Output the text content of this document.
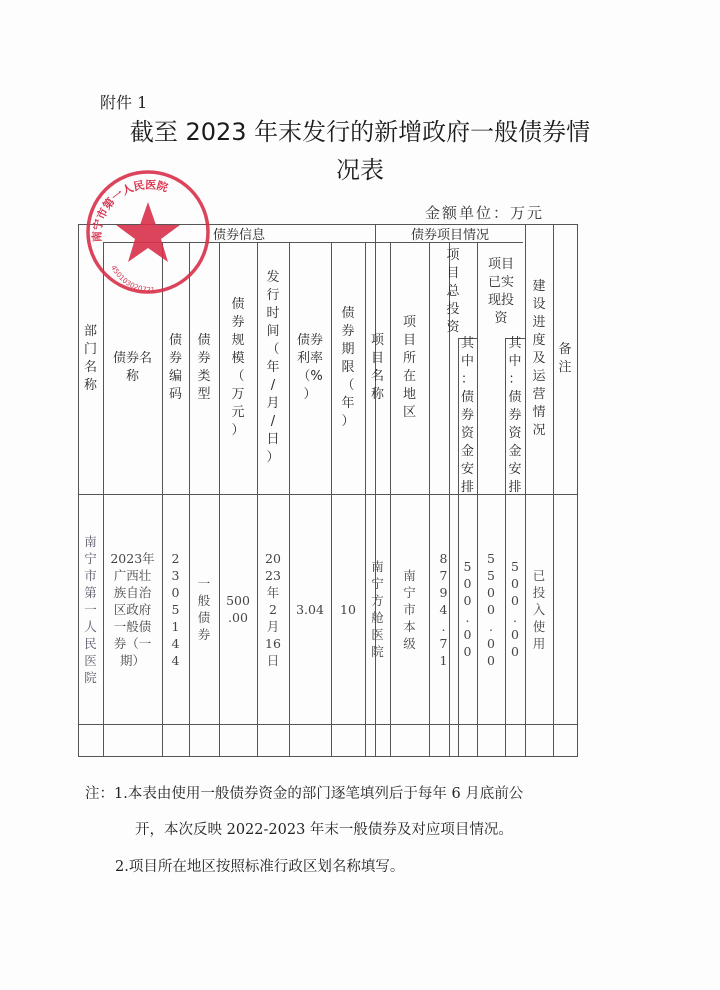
附件 1
截至 2023 年末发行的新增政府一般债券情
况表
金额单位：万元
债券信息	债券项目情况
部
门
名
称
债券名
称
债
券
编
码
债
券
类
型
债
券
规
模
（
万
元
）
发
行
时
间
（
年
/
月
/
日
）
债券
利率
（%
）
债
券
期
限
（
年
）
项
目
名
称
项
目
所
在
地
区
项
目
总
投
资
其
中
：
债
券
资
金
安
排
项目
已实
现投
资
其
中
：
债
券
资
金
安
排
建
设
进
度
及
运
营
情
况
备
注
南
宁
市
第
一
人
民
医
院
2023年
广西壮
族自治
区政府
一般债
券（一
期）
2
3
0
5
1
4
4
一
般
债
券
500
.00
20
23
年
2
月
16
日
3.04 10
南
宁
方
舱
医
院
南
宁
市
本
级
8
7
9
4
.
7
1
5
0
0
.
0
0
5
5
0
0
.
0
0
5
0
0
.
0
0
已
投
入
使
用
南宁市第一人民医院
450103020721
注：1.本表由使用一般债券资金的部门逐笔填列后于每年 6 月底前公
开，本次反映 2022-2023 年末一般债券及对应项目情况。
2.项目所在地区按照标准行政区划名称填写。
